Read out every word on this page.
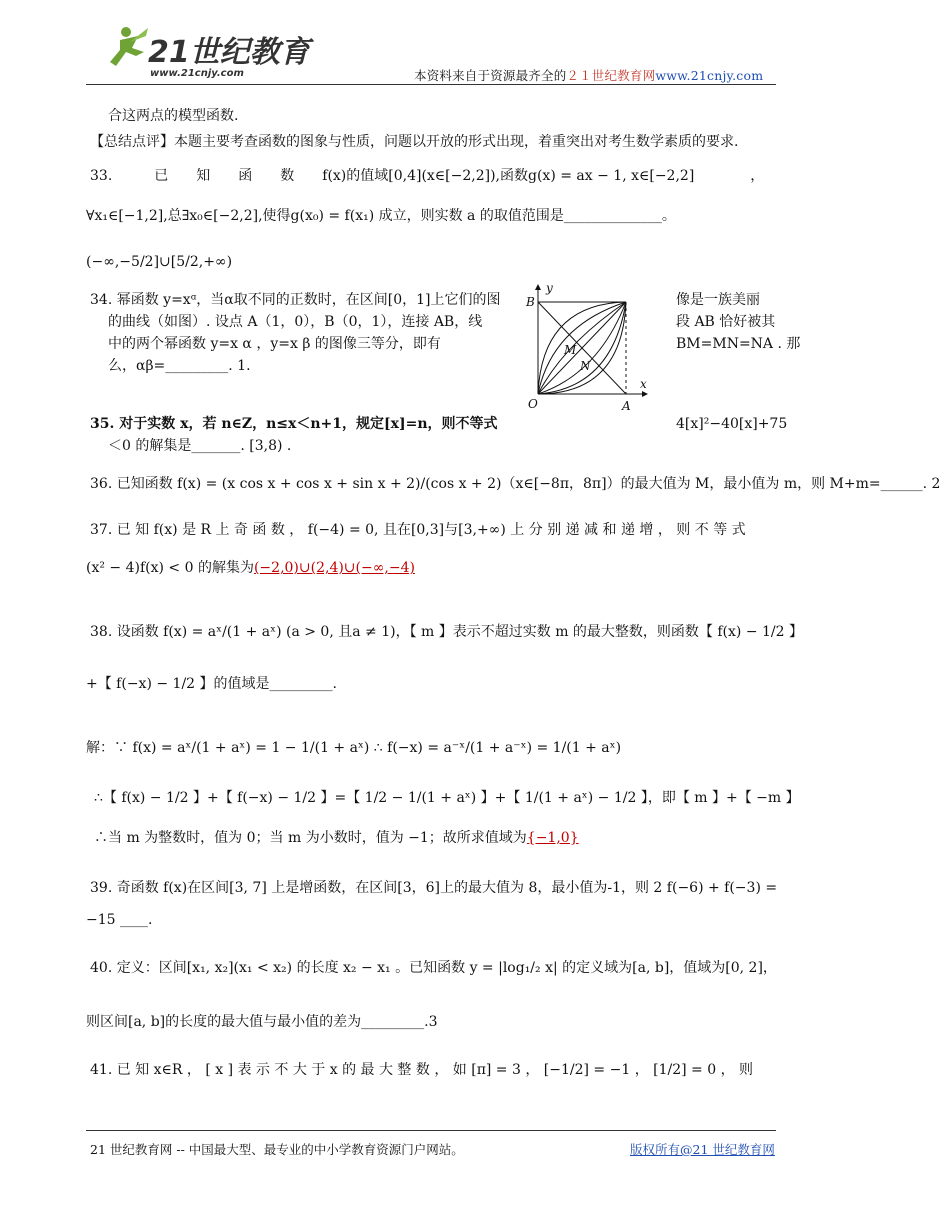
21世纪教育
www.21cnjy.com	本资料来自于资源最齐全的２１世纪教育网www.21cnjy.com
合这两点的模型函数.
【总结点评】本题主要考查函数的图象与性质，问题以开放的形式出现，着重突出对考生数学素质的要求.
33.　　　已　　知　　函　　数　　f(x)的值域[0,4](x∈[−2,2]),函数g(x) = ax − 1, x∈[−2,2]　　　　，
∀x₁∈[−1,2],总∃x₀∈[−2,2],使得g(x₀) = f(x₁) 成立，则实数 a 的取值范围是______________。
(−∞,−5/2]∪[5/2,+∞)
34. 幂函数 y=xᵅ，当α取不同的正数时，在区间[0，1]上它们的图	像是一族美丽
的曲线（如图）. 设点 A（1，0），B（0，1），连接 AB，线	段 AB 恰好被其
中的两个幂函数 y=x α ，y=x β 的图像三等分，即有	BM=MN=NA . 那
么，αβ=_________. 1.
y
x
B
M
N
O	A
35. 对于实数 x，若 n∈Z，n≤x＜n+1，规定[x]=n，则不等式	4[x]²−40[x]+75
＜0 的解集是_______. [3,8) .
36. 已知函数 f(x) = (x cos x + cos x + sin x + 2)/(cos x + 2)（x∈[−8π，8π]）的最大值为 M，最小值为 m，则 M+m=______. 2
37. 已 知 f(x) 是 R 上 奇 函 数 ， f(−4) = 0, 且在[0,3]与[3,+∞) 上 分 别 递 减 和 递 增 ， 则 不 等 式
(x² − 4)f(x) < 0 的解集为(−2,0)∪(2,4)∪(−∞,−4)
38. 设函数 f(x) = aˣ/(1 + aˣ) (a > 0, 且a ≠ 1)，【 m 】表示不超过实数 m 的最大整数，则函数【 f(x) − 1/2 】
+【 f(−x) − 1/2 】的值域是_________.
解：∵ f(x) = aˣ/(1 + aˣ) = 1 − 1/(1 + aˣ) ∴ f(−x) = a⁻ˣ/(1 + a⁻ˣ) = 1/(1 + aˣ)
∴【 f(x) − 1/2 】+【 f(−x) − 1/2 】=【 1/2 − 1/(1 + aˣ) 】+【 1/(1 + aˣ) − 1/2 】，即【 m 】+【 −m 】
∴当 m 为整数时，值为 0；当 m 为小数时，值为 −1；故所求值域为{−1,0}
39. 奇函数 f(x)在区间[3, 7] 上是增函数，在区间[3，6]上的最大值为 8，最小值为-1，则 2 f(−6) + f(−3) =
−15 ____.
40. 定义：区间[x₁, x₂](x₁ < x₂) 的长度 x₂ − x₁ 。已知函数 y = |log₁/₂ x| 的定义域为[a, b]，值域为[0, 2]，
则区间[a, b]的长度的最大值与最小值的差为_________.3
41. 已 知 x∈R ， [ x ] 表 示 不 大 于 x 的 最 大 整 数 ， 如 [π] = 3 ， [−1/2] = −1 ， [1/2] = 0 ， 则
21 世纪教育网 -- 中国最大型、最专业的中小学教育资源门户网站。	版权所有@21 世纪教育网
